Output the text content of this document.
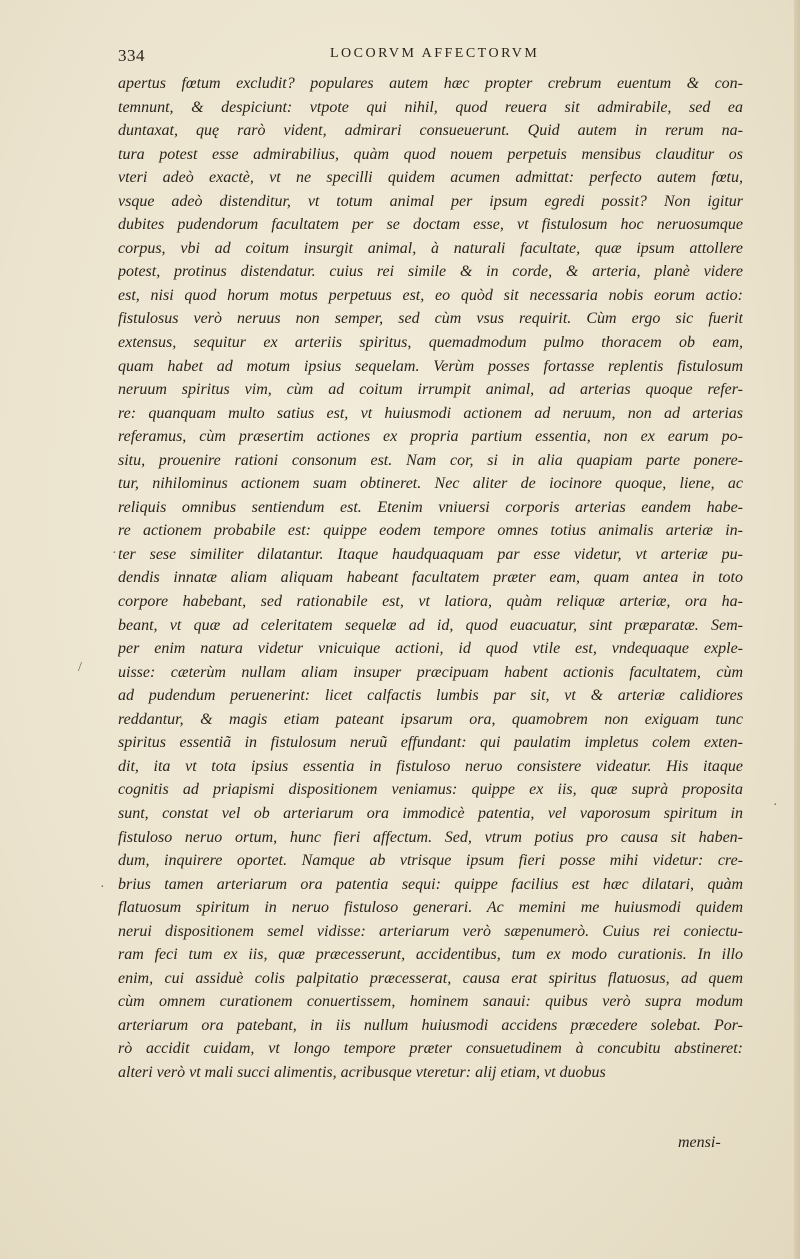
334	LOCORVM AFFECTORVM
apertus fœtum excludit? populares autem hæc propter crebrum euentum & con-
temnunt, & despiciunt: vtpote qui nihil, quod reuera sit admirabile, sed ea
duntaxat, quę rarò vident, admirari consueuerunt. Quid autem in rerum na-
tura potest esse admirabilius, quàm quod nouem perpetuis mensibus clauditur os
vteri adeò exactè, vt ne specilli quidem acumen admittat: perfecto autem fœtu,
vsque adeò distenditur, vt totum animal per ipsum egredi possit? Non igitur
dubites pudendorum facultatem per se doctam esse, vt fistulosum hoc neruosumque
corpus, vbi ad coitum insurgit animal, à naturali facultate, quæ ipsum attollere
potest, protinus distendatur. cuius rei simile & in corde, & arteria, planè videre
est, nisi quod horum motus perpetuus est, eo quòd sit necessaria nobis eorum actio:
fistulosus verò neruus non semper, sed cùm vsus requirit. Cùm ergo sic fuerit
extensus, sequitur ex arteriis spiritus, quemadmodum pulmo thoracem ob eam,
quam habet ad motum ipsius sequelam. Verùm posses fortasse replentis fistulosum
neruum spiritus vim, cùm ad coitum irrumpit animal, ad arterias quoque refer-
re: quanquam multo satius est, vt huiusmodi actionem ad neruum, non ad arterias
referamus, cùm præsertim actiones ex propria partium essentia, non ex earum po-
situ, prouenire rationi consonum est. Nam cor, si in alia quapiam parte ponere-
tur, nihilominus actionem suam obtineret. Nec aliter de iocinore quoque, liene, ac
reliquis omnibus sentiendum est. Etenim vniuersi corporis arterias eandem habe-
re actionem probabile est: quippe eodem tempore omnes totius animalis arteriæ in-
ter sese similiter dilatantur. Itaque haudquaquam par esse videtur, vt arteriæ pu-
dendis innatæ aliam aliquam habeant facultatem præter eam, quam antea in toto
corpore habebant, sed rationabile est, vt latiora, quàm reliquæ arteriæ, ora ha-
beant, vt quæ ad celeritatem sequelæ ad id, quod euacuatur, sint præparatæ. Sem-
per enim natura videtur vnicuique actioni, id quod vtile est, vndequaque exple-
uisse: cæterùm nullam aliam insuper præcipuam habent actionis facultatem, cùm
ad pudendum peruenerint: licet calfactis lumbis par sit, vt & arteriæ calidiores
reddantur, & magis etiam pateant ipsarum ora, quamobrem non exiguam tunc
spiritus essentiã in fistulosum neruũ effundant: qui paulatim impletus colem exten-
dit, ita vt tota ipsius essentia in fistuloso neruo consistere videatur. His itaque
cognitis ad priapismi dispositionem veniamus: quippe ex iis, quæ suprà proposita
sunt, constat vel ob arteriarum ora immodicè patentia, vel vaporosum spiritum in
fistuloso neruo ortum, hunc fieri affectum. Sed, vtrum potius pro causa sit haben-
dum, inquirere oportet. Namque ab vtrisque ipsum fieri posse mihi videtur: cre-
brius tamen arteriarum ora patentia sequi: quippe facilius est hæc dilatari, quàm
flatuosum spiritum in neruo fistuloso generari. Ac memini me huiusmodi quidem
nerui dispositionem semel vidisse: arteriarum verò sæpenumerò. Cuius rei coniectu-
ram feci tum ex iis, quæ præcesserunt, accidentibus, tum ex modo curationis. In illo
enim, cui assiduè colis palpitatio præcesserat, causa erat spiritus flatuosus, ad quem
cùm omnem curationem conuertissem, hominem sanaui: quibus verò supra modum
arteriarum ora patebant, in iis nullum huiusmodi accidens præcedere solebat. Por-
rò accidit cuidam, vt longo tempore præter consuetudinem à concubitu abstineret:
alteri verò vt mali succi alimentis, acribusque vteretur: alij etiam, vt duobus
mensi-
·
/
·
·
